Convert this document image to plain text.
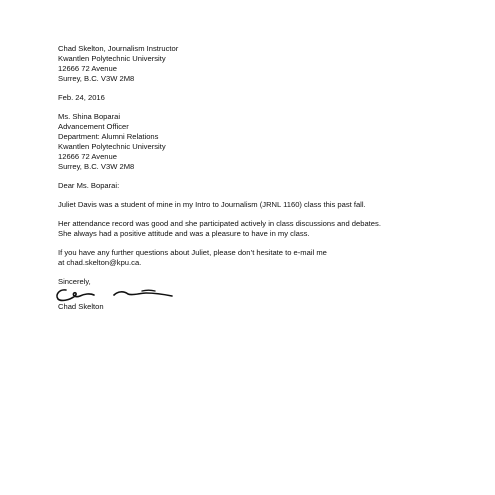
Chad Skelton, Journalism Instructor
Kwantlen Polytechnic University
12666 72 Avenue
Surrey, B.C. V3W 2M8
Feb. 24, 2016
Ms. Shina Boparai
Advancement Officer
Department: Alumni Relations
Kwantlen Polytechnic University
12666 72 Avenue
Surrey, B.C. V3W 2M8
Dear Ms. Boparai:
Juliet Davis was a student of mine in my Intro to Journalism (JRNL 1160) class this past fall.
Her attendance record was good and she participated actively in class discussions and debates.
She always had a positive attitude and was a pleasure to have in my class.
If you have any further questions about Juliet, please don’t hesitate to e-mail me
at chad.skelton@kpu.ca.
Sincerely,
Chad Skelton
